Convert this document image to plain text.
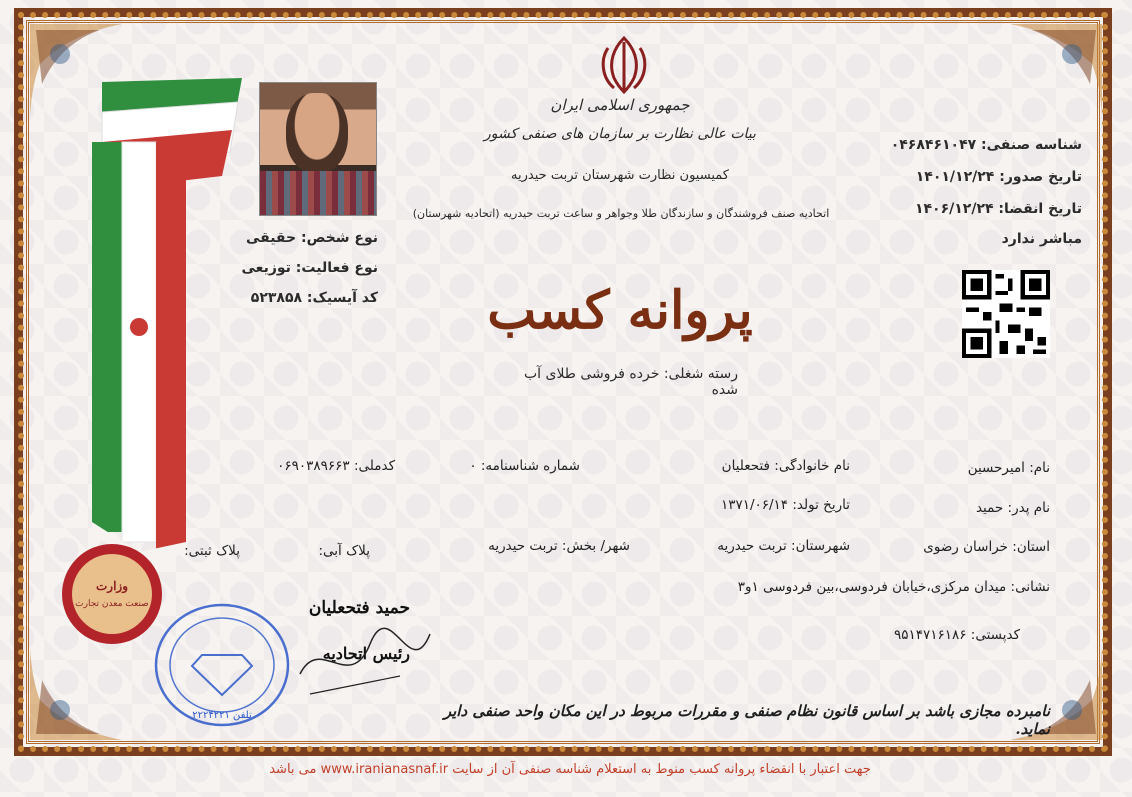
جمهوری اسلامی ایران
بیات عالی نظارت بر سازمان های صنفی کشور
کمیسیون نظارت شهرستان تربت حیدریه
اتحادیه صنف فروشندگان و سازندگان طلا وجواهر و ساعت تربت حیدریه (اتحادیه شهرستان)
پروانه کسب
رسته شغلی: خرده فروشی طلای آب شده
شناسه صنفی: ۰۴۶۸۴۶۱۰۴۷
تاریخ صدور: ۱۴۰۱/۱۲/۲۴
تاریخ انقضا: ۱۴۰۶/۱۲/۲۴
مباشر ندارد
نوع شخص: حقیقی
نوع فعالیت: توزیعی
کد آیسیک: ۵۲۳۸۵۸
نام: امیرحسین
نام خانوادگی: فتحعلیان
شماره شناسنامه: ۰
کدملی: ۰۶۹۰۳۸۹۶۶۳
نام پدر: حمید
تاریخ تولد: ۱۳۷۱/۰۶/۱۴
استان: خراسان رضوی
شهرستان: تربت حیدریه
شهر/ بخش: تربت حیدریه
پلاک آبی:
پلاک ثبتی:
نشانی: میدان مرکزی،خیابان فردوسی،بین فردوسی ۱و۳
کدپستی: ۹۵۱۴۷۱۶۱۸۶
حمید فتحعلیان
رئیس اتحادیه
وزارت
صنعت معدن تجارت
تلفن ۲۲۲۴۲۲۱	نامبرده مجازی باشد بر اساس قانون نظام صنفی و مقررات مربوط در این مکان واحد صنفی دایر نماید.
جهت اعتبار با انقضاء پروانه کسب منوط به استعلام شناسه صنفی آن از سایت www.iranianasnaf.ir می باشد
